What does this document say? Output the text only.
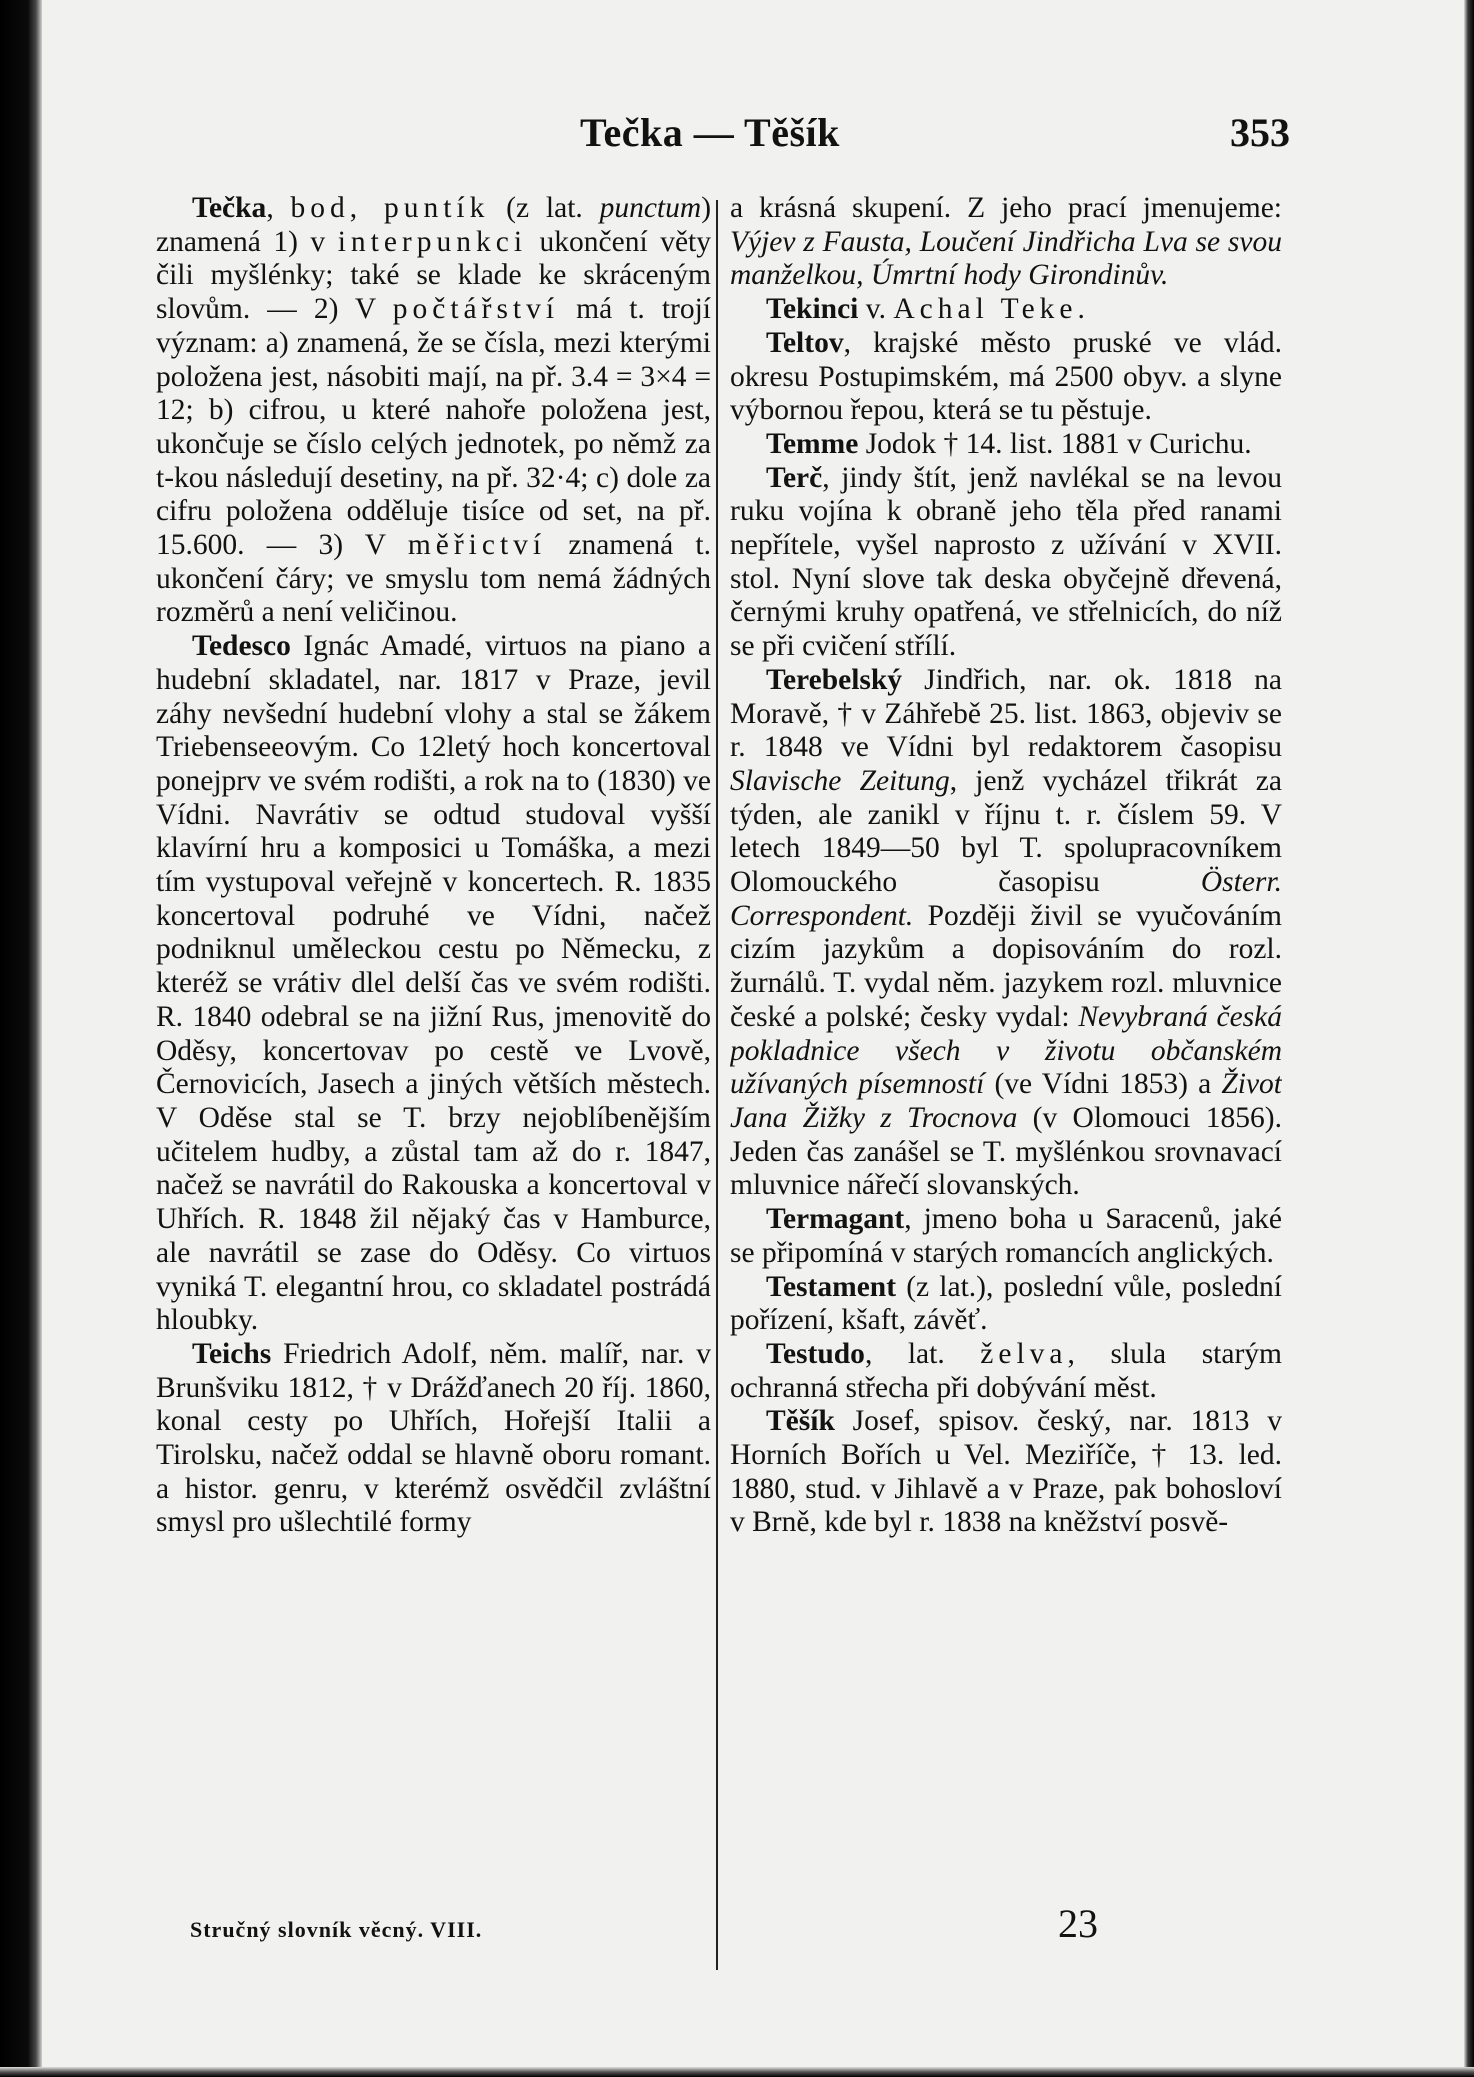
Tečka — Těšík	353
Tečka, bod, puntík (z lat. punctum) znamená 1) v interpunkci ukončení věty čili myšlénky; také se klade ke skráceným slovům. — 2) V počtářství má t. trojí význam: a) znamená, že se čísla, mezi kterými položena jest, násobiti mají, na př. 3.4 = 3×4 = 12; b) cifrou, u které nahoře položena jest, ukončuje se číslo celých jednotek, po němž za t-kou následují desetiny, na př. 32·4; c) dole za cifru položena odděluje tisíce od set, na př. 15.600. — 3) V měřictví znamená t. ukončení čáry; ve smyslu tom nemá žádných rozměrů a není veličinou.
Tedesco Ignác Amadé, virtuos na piano a hudební skladatel, nar. 1817 v Praze, jevil záhy nevšední hudební vlohy a stal se žákem Triebenseeovým. Co 12letý hoch koncertoval ponejprv ve svém rodišti, a rok na to (1830) ve Vídni. Navrátiv se odtud studoval vyšší klavírní hru a komposici u Tomáška, a mezi tím vystupoval veřejně v koncertech. R. 1835 koncertoval podruhé ve Vídni, načež podniknul uměleckou cestu po Německu, z kteréž se vrátiv dlel delší čas ve svém rodišti. R. 1840 odebral se na jižní Rus, jmenovitě do Oděsy, koncertovav po cestě ve Lvově, Černovicích, Jasech a jiných větších městech. V Oděse stal se T. brzy nejoblíbenějším učitelem hudby, a zůstal tam až do r. 1847, načež se navrátil do Rakouska a koncertoval v Uhřích. R. 1848 žil nějaký čas v Hamburce, ale navrátil se zase do Oděsy. Co virtuos vyniká T. elegantní hrou, co skladatel postrádá hloubky.
Teichs Friedrich Adolf, něm. malíř, nar. v Brunšviku 1812, † v Drážďanech 20 říj. 1860, konal cesty po Uhřích, Hořejší Italii a Tirolsku, načež oddal se hlavně oboru romant. a histor. genru, v kterémž osvědčil zvláštní smysl pro ušlechtilé formy
a krásná skupení. Z jeho prací jmenujeme: Výjev z Fausta, Loučení Jindřicha Lva se svou manželkou, Úmrtní hody Girondinův.
Tekinci v. Achal Teke.
Teltov, krajské město pruské ve vlád. okresu Postupimském, má 2500 obyv. a slyne výbornou řepou, která se tu pěstuje.
Temme Jodok † 14. list. 1881 v Curichu.
Terč, jindy štít, jenž navlékal se na levou ruku vojína k obraně jeho těla před ranami nepřítele, vyšel naprosto z užívání v XVII. stol. Nyní slove tak deska obyčejně dřevená, černými kruhy opatřená, ve střelnicích, do níž se při cvičení střílí.
Terebelský Jindřich, nar. ok. 1818 na Moravě, † v Záhřebě 25. list. 1863, objeviv se r. 1848 ve Vídni byl redaktorem časopisu Slavische Zeitung, jenž vycházel třikrát za týden, ale zanikl v říjnu t. r. číslem 59. V letech 1849—50 byl T. spolupracovníkem Olomouckého časopisu Österr. Correspondent. Později živil se vyučováním cizím jazykům a dopisováním do rozl. žurnálů. T. vydal něm. jazykem rozl. mluvnice české a polské; česky vydal: Nevybraná česká pokladnice všech v životu občanském užívaných písemností (ve Vídni 1853) a Život Jana Žižky z Trocnova (v Olomouci 1856). Jeden čas zanášel se T. myšlénkou srovnavací mluvnice nářečí slovanských.
Termagant, jmeno boha u Saracenů, jaké se připomíná v starých romancích anglických.
Testament (z lat.), poslední vůle, poslední pořízení, kšaft, závěť.
Testudo, lat. želva, slula starým ochranná střecha při dobývání měst.
Těšík Josef, spisov. český, nar. 1813 v Horních Bořích u Vel. Meziříče, † 13. led. 1880, stud. v Jihlavě a v Praze, pak bohosloví v Brně, kde byl r. 1838 na kněžství posvě-
Stručný slovník věcný. VIII.	23
